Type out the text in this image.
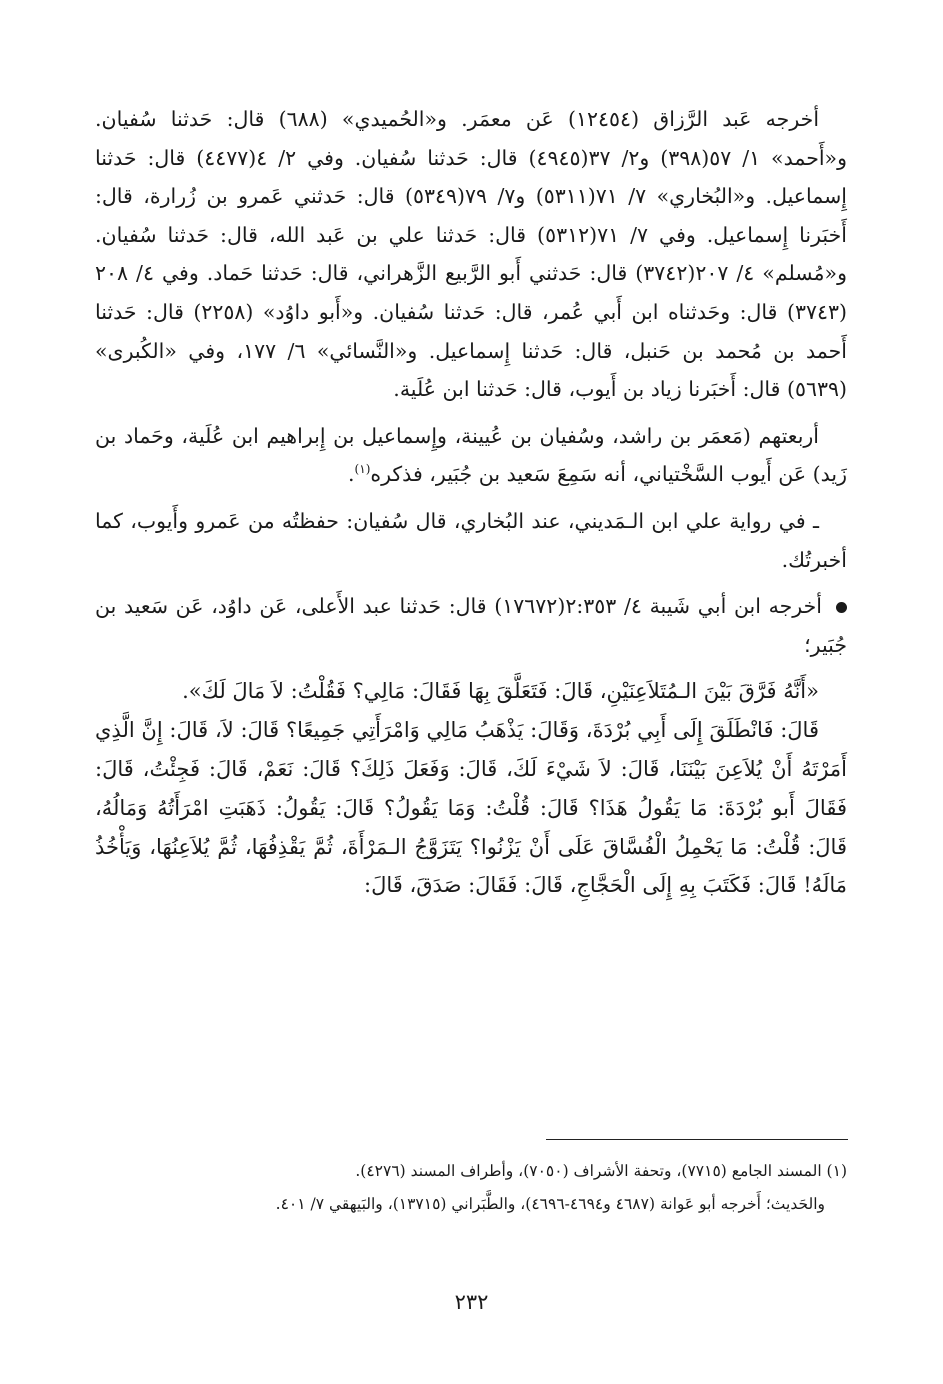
أخرجه عَبد الرَّزاق (١٢٤٥٤) عَن معمَر. و«الحُميدي» (٦٨٨) قال: حَدثنا سُفيان. و«أَحمد» ١/ ٥٧(٣٩٨) و٢/ ٣٧(٤٩٤٥) قال: حَدثنا سُفيان. وفي ٢/ ٤(٤٤٧٧) قال: حَدثنا إِسماعيل. و«البُخاري» ٧/ ٧١(٥٣١١) و٧/ ٧٩(٥٣٤٩) قال: حَدثني عَمرو بن زُرارة، قال: أَخبَرنا إِسماعيل. وفي ٧/ ٧١(٥٣١٢) قال: حَدثنا علي بن عَبد الله، قال: حَدثنا سُفيان. و«مُسلم» ٤/ ٢٠٧(٣٧٤٢) قال: حَدثني أَبو الرَّبيع الزَّهراني، قال: حَدثنا حَماد. وفي ٤/ ٢٠٨ (٣٧٤٣) قال: وحَدثناه ابن أَبي عُمر، قال: حَدثنا سُفيان. و«أَبو داوُد» (٢٢٥٨) قال: حَدثنا أَحمد بن مُحمد بن حَنبل، قال: حَدثنا إِسماعيل. و«النَّسائي» ٦/ ١٧٧، وفي «الكُبرى» (٥٦٣٩) قال: أَخبَرنا زياد بن أَيوب، قال: حَدثنا ابن عُلَية.

أربعتهم (مَعمَر بن راشد، وسُفيان بن عُيينة، وإِسماعيل بن إِبراهيم ابن عُلَية، وحَماد بن زَيد) عَن أَيوب السَّخْتياني، أنه سَمِعَ سَعيد بن جُبَير، فذكره$^{(١)}$.

ـ في رواية علي ابن الـمَديني، عند البُخاري، قال سُفيان: حفظتُه من عَمرو وأَيوب، كما أخبرتُك.

أخرجه ابن أبي شَيبة ٤/ ٢:٣٥٣(١٧٦٧٢) قال: حَدثنا عبد الأَعلى، عَن داوُد، عَن سَعيد بن جُبَير؛

«أَنَّهُ فَرَّقَ بَيْنَ الـمُتَلاَعِنَيْنِ، قَالَ: فَتَعَلَّقَ بِهَا فَقَالَ: مَالِي؟ فَقُلْتُ: لاَ مَالَ لَكَ».

قَالَ: فَانْطَلَقَ إِلَى أَبِي بُرْدَةَ، وَقَالَ: يَذْهَبُ مَالِي وَامْرَأَتِي جَمِيعًا؟ قَالَ: لاَ، قَالَ: إِنَّ الَّذِي أَمَرْتَهُ أَنْ يُلاَعِنَ بَيْنَنَا، قَالَ: لاَ شَيْءَ لَكَ، قَالَ: وَفَعَلَ ذَلِكَ؟ قَالَ: نَعَمْ، قَالَ: فَجِئْتُ، قَالَ: فَقَالَ أَبو بُرْدَةَ: مَا يَقُولُ هَذَا؟ قَالَ: قُلْتُ: وَمَا يَقُولُ؟ قَالَ: يَقُولُ: ذَهَبَتِ امْرَأَتُهُ وَمَالُهُ، قَالَ: قُلْتُ: مَا يَحْمِلُ الْفُسَّاقَ عَلَى أَنْ يَزْنُوا؟ يَتَزَوَّجُ الـمَرْأَةَ، ثُمَّ يَقْذِفُهَا، ثُمَّ يُلاَعِنُهَا، وَيَأْخُذُ مَالَهُ! قَالَ: فَكَتَبَ بِهِ إِلَى الْحَجَّاجِ، قَالَ: فَقَالَ: صَدَقَ، قَالَ:

(١) المسند الجامع (٧٧١٥)، وتحفة الأشراف (٧٠٥٠)، وأطراف المسند (٤٢٧٦).

والحَديث؛ أَخرجه أبو عَوانة (٤٦٨٧ و٤٦٩٤-٤٦٩٦)، والطَّبَراني (١٣٧١٥)، والبَيهقي ٧/ ٤٠١.

٢٣٢
